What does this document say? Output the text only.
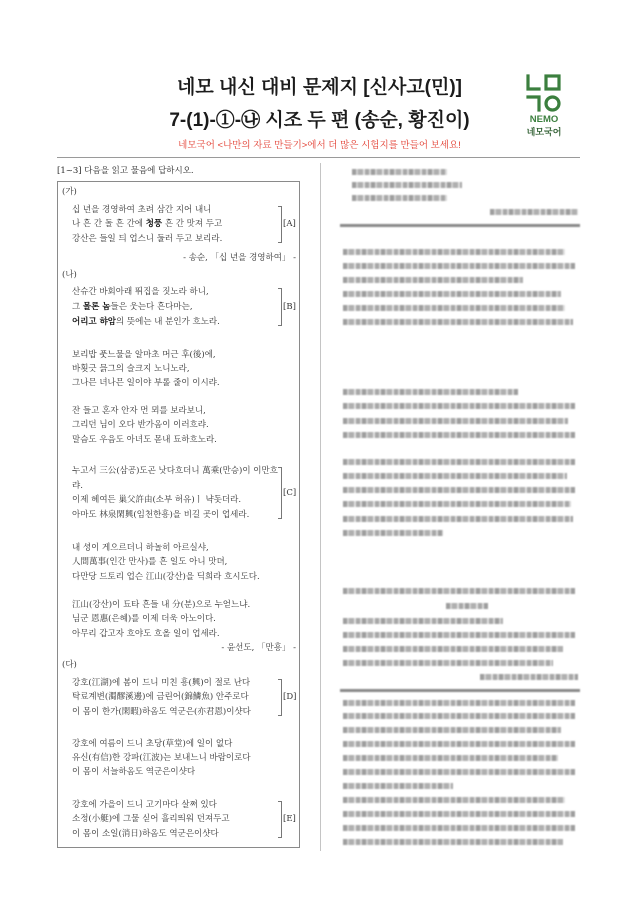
네모 내신 대비 문제지 [신사고(민)]
7-(1)-①-㉯ 시조 두 편 (송순, 황진이)
네모국어 <나만의 자료 만들기>에서 더 많은 시험지를 만들어 보세요!
NEMO
네모국어
[1~3] 다음을 읽고 물음에 답하시오.
(가)
십 년을 경영하여 초려 삼간 지어 내니
나 흔 간 돌 흔 간에 청풍 흔 간 맛져 두고
강산은 들일 듸 업스니 둘러 두고 보리라.
[A]
- 송순, 「십 년을 경영하여」 -
(나)
산슈간 바회아래 뛰집을 짓노라 하니,
그 몰론 놈들은 웃는다 흔다마는,
어리고 햐암의 뜻에는 내 분인가 흐노라.
[B]
보리밥 풋느물을 알마초 머근 후(後)에,
바횟긋 믉그의 슬크지 노니노라,
그나믄 녀나믄 일이야 부롤 줄이 이시랴.
잔 들고 혼자 안자 먼 뫼를 보라보니,
그리던 님이 오다 반가옴이 이러흐랴.
말슴도 우음도 아녀도 몯내 됴하흐노라.
누고서 三公(삼공)도곤 낫다흐더니 萬乘(만승)이 이만흐
랴.
이제 헤여든 巢父許由(소부 허유)ㅣ 냑돗더라.
아마도 林泉閑興(임천한흥)을 비길 곳이 업세라.
[C]
내 셩이 게으르더니 하놀히 아르실샤,
人間萬事(인간 만사)를 흔 일도 아니 맛뎌,
다만당 드토리 업슨 江山(강산)을 딕희라 흐시도다.
江山(강산)이 됴타 흔들 내 分(분)으로 누얻느냐.
님군 恩惠(은혜)를 이제 더욱 아노이다.
아무리 갑고자 흐야도 흐올 일이 업세라.
- 윤선도, 「만흥」 -
(다)
강호(江湖)에 봄이 드니 미친 흥(興)이 절로 난다
탁료계변(濁醪溪邊)에 금린어(錦鱗魚) 안주로다
이 몸이 한가(閑暇)하옴도 역군은(亦君恩)이샷다
[D]
강호에 여름이 드니 초당(草堂)에 일이 없다
유신(有信)한 강파(江波)는 보내느니 바람이로다
이 몸이 서늘하옴도 역군은이샷다
강호에 가을이 드니 고기마다 살쪄 있다
소정(小艇)에 그물 싣어 흘리띄워 던져두고
이 몸이 소일(消日)하옴도 역군은이샷다
[E]
